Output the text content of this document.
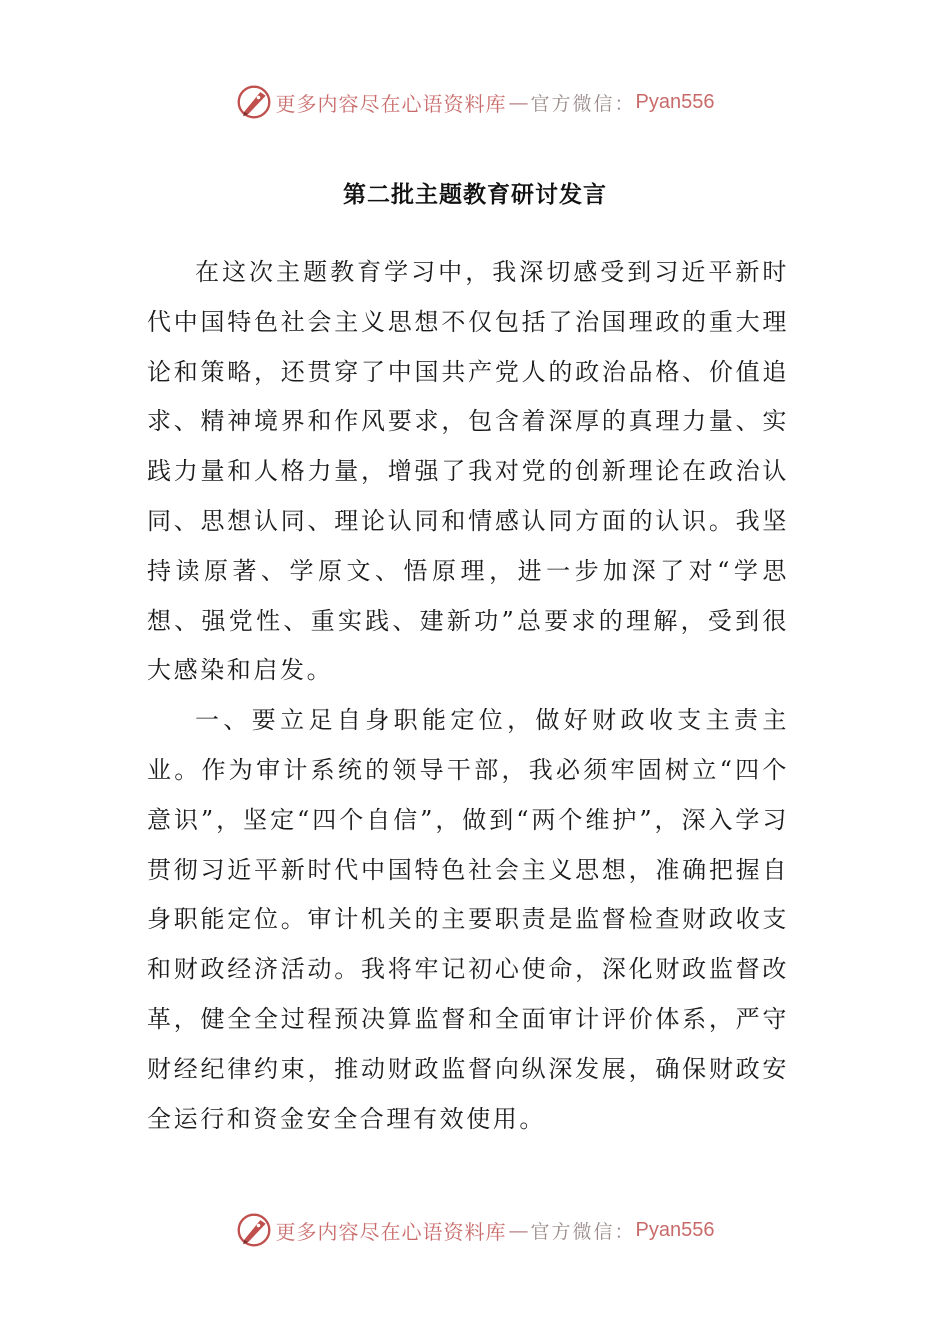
更多内容尽在心语资料库 — 官方微信： Pyan556
第二批主题教育研讨发言

在这次主题教育学习中，我深切感受到习近平新时代中国特色社会主义思想不仅包括了治国理政的重大理论和策略，还贯穿了中国共产党人的政治品格、价值追求、精神境界和作风要求，包含着深厚的真理力量、实践力量和人格力量，增强了我对党的创新理论在政治认同、思想认同、理论认同和情感认同方面的认识。我坚持读原著、学原文、悟原理，进一步加深了对“学思想、强党性、重实践、建新功”总要求的理解，受到很大感染和启发。

一、要立足自身职能定位，做好财政收支主责主业。作为审计系统的领导干部，我必须牢固树立“四个意识”，坚定“四个自信”，做到“两个维护”，深入学习贯彻习近平新时代中国特色社会主义思想，准确把握自身职能定位。审计机关的主要职责是监督检查财政收支和财政经济活动。我将牢记初心使命，深化财政监督改革，健全全过程预决算监督和全面审计评价体系，严守财经纪律约束，推动财政监督向纵深发展，确保财政安全运行和资金安全合理有效使用。

更多内容尽在心语资料库 — 官方微信： Pyan556
